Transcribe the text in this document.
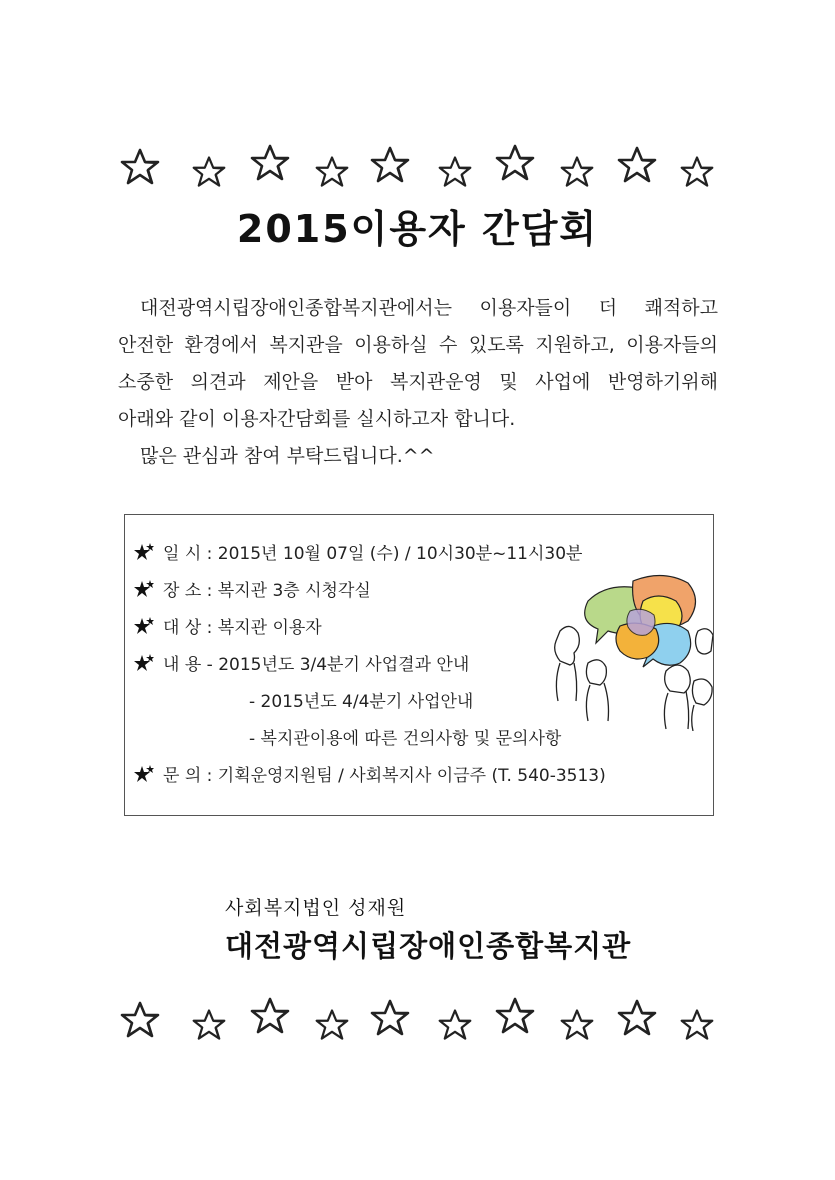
2015이용자 간담회

대전광역시립장애인종합복지관에서는 이용자들이 더 쾌적하고

안전한 환경에서 복지관을 이용하실 수 있도록 지원하고, 이용자들의

소중한 의견과 제안을 받아 복지관운영 및 사업에 반영하기위해

아래와 같이 이용자간담회를 실시하고자 합니다.

많은 관심과 참여 부탁드립니다.^^

일 시 : 2015년 10월 07일 (수) / 10시30분~11시30분
장 소 : 복지관 3층 시청각실
대 상 : 복지관 이용자
내 용 - 2015년도 3/4분기 사업결과 안내
- 2015년도 4/4분기 사업안내
- 복지관이용에 따른 건의사항 및 문의사항
문 의 : 기획운영지원팀 / 사회복지사 이금주 (T. 540-3513)
사회복지법인 성재원
대전광역시립장애인종합복지관
